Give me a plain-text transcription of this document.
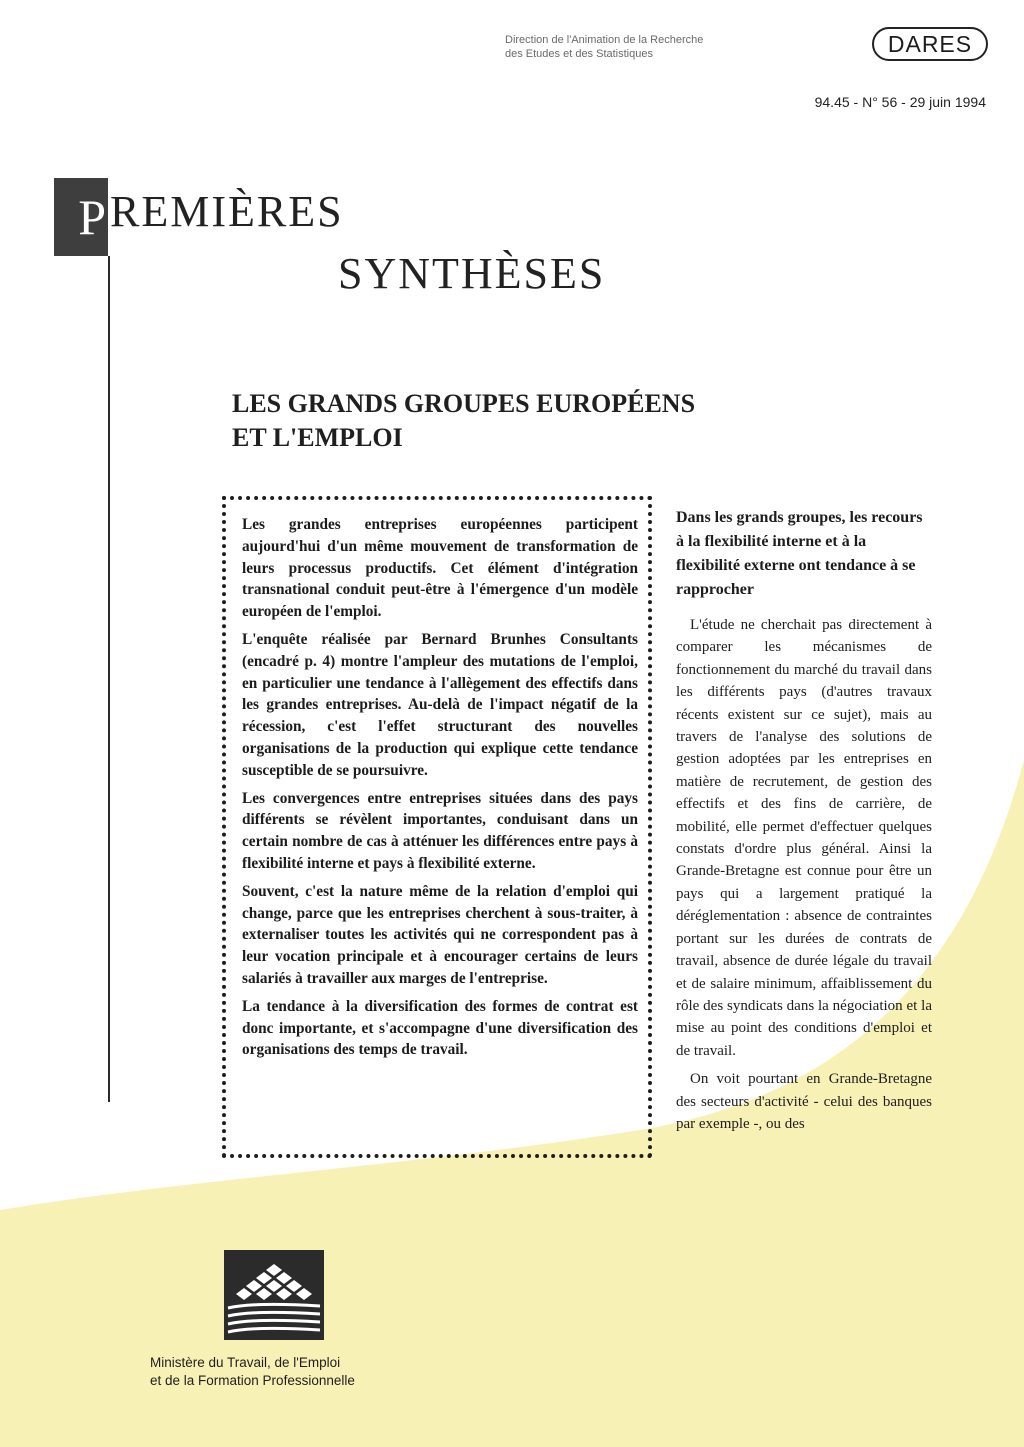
Direction de l'Animation de la Recherche
des Etudes et des Statistiques	DARES
94.45 - N° 56 - 29 juin 1994
P REMIÈRES
SYNTHÈSES
LES GRANDS GROUPES EUROPÉENS
ET L'EMPLOI

Les grandes entreprises européennes participent aujourd'hui d'un même mouvement de transformation de leurs processus productifs. Cet élément d'intégration transnational conduit peut-être à l'émergence d'un modèle européen de l'emploi.

L'enquête réalisée par Bernard Brunhes Consultants (encadré p. 4) montre l'ampleur des mutations de l'emploi, en particulier une tendance à l'allègement des effectifs dans les grandes entreprises. Au-delà de l'impact négatif de la récession, c'est l'effet structurant des nouvelles organisations de la production qui explique cette tendance susceptible de se poursuivre.

Les convergences entre entreprises situées dans des pays différents se révèlent importantes, conduisant dans un certain nombre de cas à atténuer les différences entre pays à flexibilité interne et pays à flexibilité externe.

Souvent, c'est la nature même de la relation d'emploi qui change, parce que les entreprises cherchent à sous-traiter, à externaliser toutes les activités qui ne correspondent pas à leur vocation principale et à encourager certains de leurs salariés à travailler aux marges de l'entreprise.

La tendance à la diversification des formes de contrat est donc importante, et s'accompagne d'une diversification des organisations des temps de travail.

Dans les grands groupes, les recours à la flexibilité interne et à la flexibilité externe ont tendance à se rapprocher

L'étude ne cherchait pas directement à comparer les mécanismes de fonctionnement du marché du travail dans les différents pays (d'autres travaux récents existent sur ce sujet), mais au travers de l'analyse des solutions de gestion adoptées par les entreprises en matière de recrutement, de gestion des effectifs et des fins de carrière, de mobilité, elle permet d'effectuer quelques constats d'ordre plus général. Ainsi la Grande-Bretagne est connue pour être un pays qui a largement pratiqué la déréglementation : absence de contraintes portant sur les durées de contrats de travail, absence de durée légale du travail et de salaire minimum, affaiblissement du rôle des syndicats dans la négociation et la mise au point des conditions d'emploi et de travail.

On voit pourtant en Grande-Bretagne des secteurs d'activité - celui des banques par exemple -, ou des

Ministère du Travail, de l'Emploi
et de la Formation Professionnelle
